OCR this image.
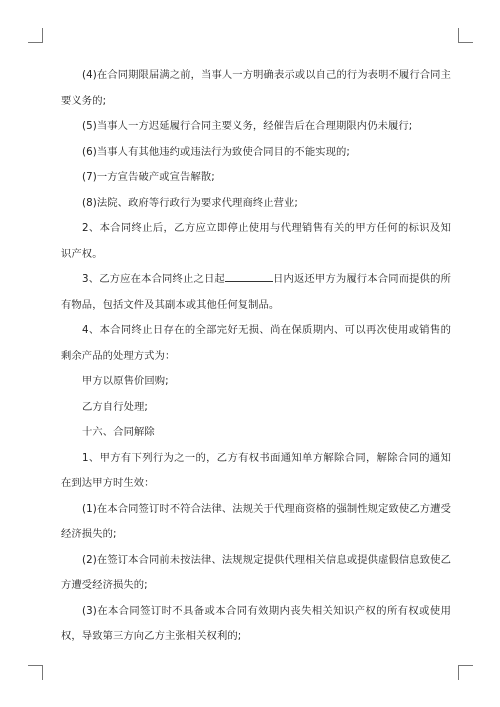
(4)在合同期限届满之前，当事人一方明确表示或以自己的行为表明不履行合同主要义务的;

(5)当事人一方迟延履行合同主要义务，经催告后在合理期限内仍未履行;

(6)当事人有其他违约或违法行为致使合同目的不能实现的;

(7)一方宣告破产或宣告解散;

(8)法院、政府等行政行为要求代理商终止营业;

2、本合同终止后，乙方应立即停止使用与代理销售有关的甲方任何的标识及知识产权。

3、乙方应在本合同终止之日起	日内返还甲方为履行本合同而提供的所有物品，包括文件及其副本或其他任何复制品。

4、本合同终止日存在的全部完好无损、尚在保质期内、可以再次使用或销售的剩余产品的处理方式为：

甲方以原售价回购;

乙方自行处理;

十六、合同解除

1、甲方有下列行为之一的，乙方有权书面通知单方解除合同，解除合同的通知在到达甲方时生效：

(1)在本合同签订时不符合法律、法规关于代理商资格的强制性规定致使乙方遭受经济损失的;

(2)在签订本合同前未按法律、法规规定提供代理相关信息或提供虚假信息致使乙方遭受经济损失的;

(3)在本合同签订时不具备或本合同有效期内丧失相关知识产权的所有权或使用权，导致第三方向乙方主张相关权利的;
